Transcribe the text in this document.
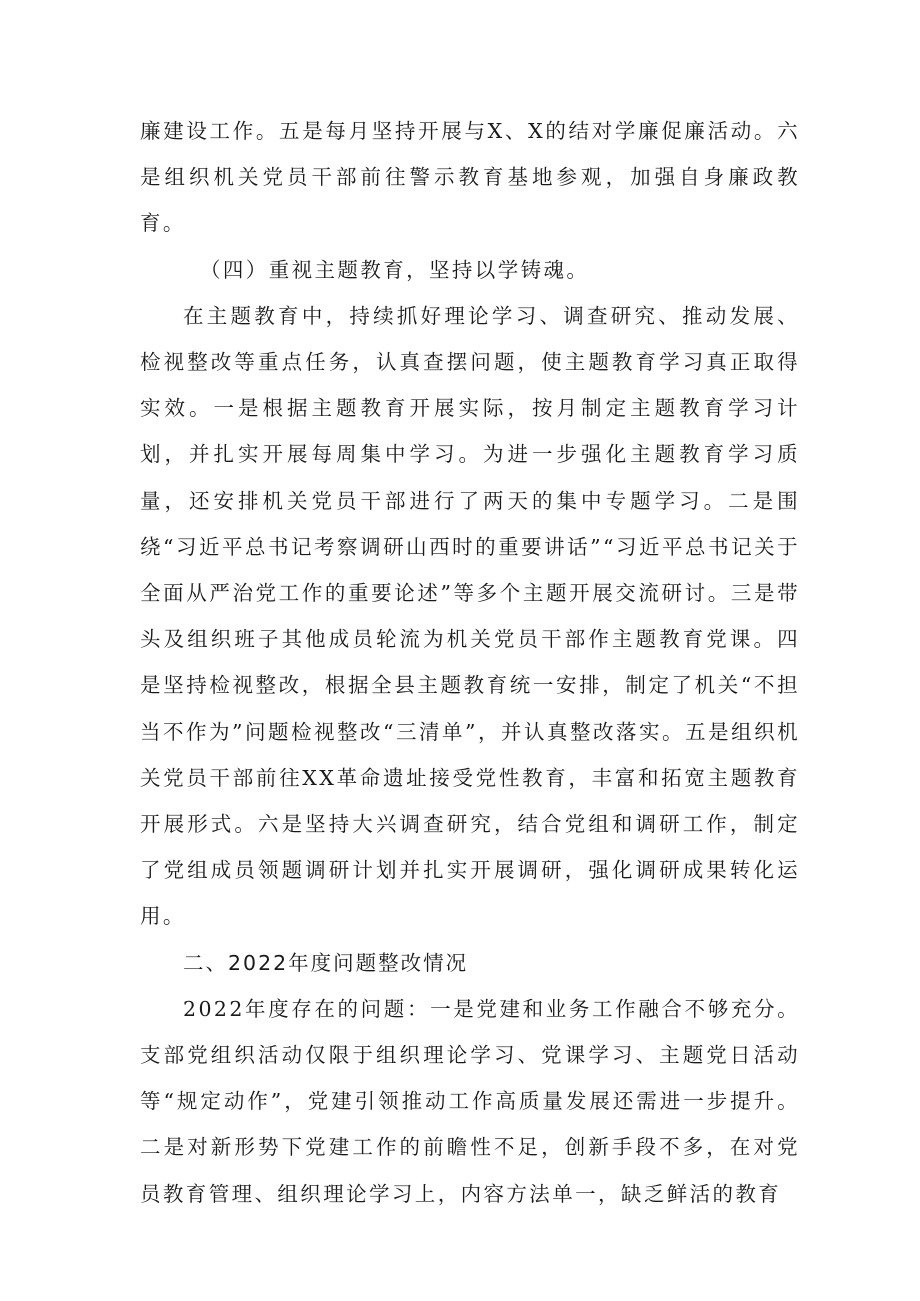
廉建设工作。五是每月坚持开展与X、X的结对学廉促廉活动。六是组织机关党员干部前往警示教育基地参观，加强自身廉政教育。

（四）重视主题教育，坚持以学铸魂。

在主题教育中，持续抓好理论学习、调查研究、推动发展、检视整改等重点任务，认真查摆问题，使主题教育学习真正取得实效。一是根据主题教育开展实际，按月制定主题教育学习计划，并扎实开展每周集中学习。为进一步强化主题教育学习质量，还安排机关党员干部进行了两天的集中专题学习。二是围绕“习近平总书记考察调研山西时的重要讲话”“习近平总书记关于全面从严治党工作的重要论述”等多个主题开展交流研讨。三是带头及组织班子其他成员轮流为机关党员干部作主题教育党课。四是坚持检视整改，根据全县主题教育统一安排，制定了机关“不担当不作为”问题检视整改“三清单”，并认真整改落实。五是组织机关党员干部前往XX革命遗址接受党性教育，丰富和拓宽主题教育开展形式。六是坚持大兴调查研究，结合党组和调研工作，制定了党组成员领题调研计划并扎实开展调研，强化调研成果转化运用。

二、2022年度问题整改情况

2022年度存在的问题：一是党建和业务工作融合不够充分。支部党组织活动仅限于组织理论学习、党课学习、主题党日活动等“规定动作”，党建引领推动工作高质量发展还需进一步提升。二是对新形势下党建工作的前瞻性不足，创新手段不多，在对党员教育管理、组织理论学习上，内容方法单一，缺乏鲜活的教育
